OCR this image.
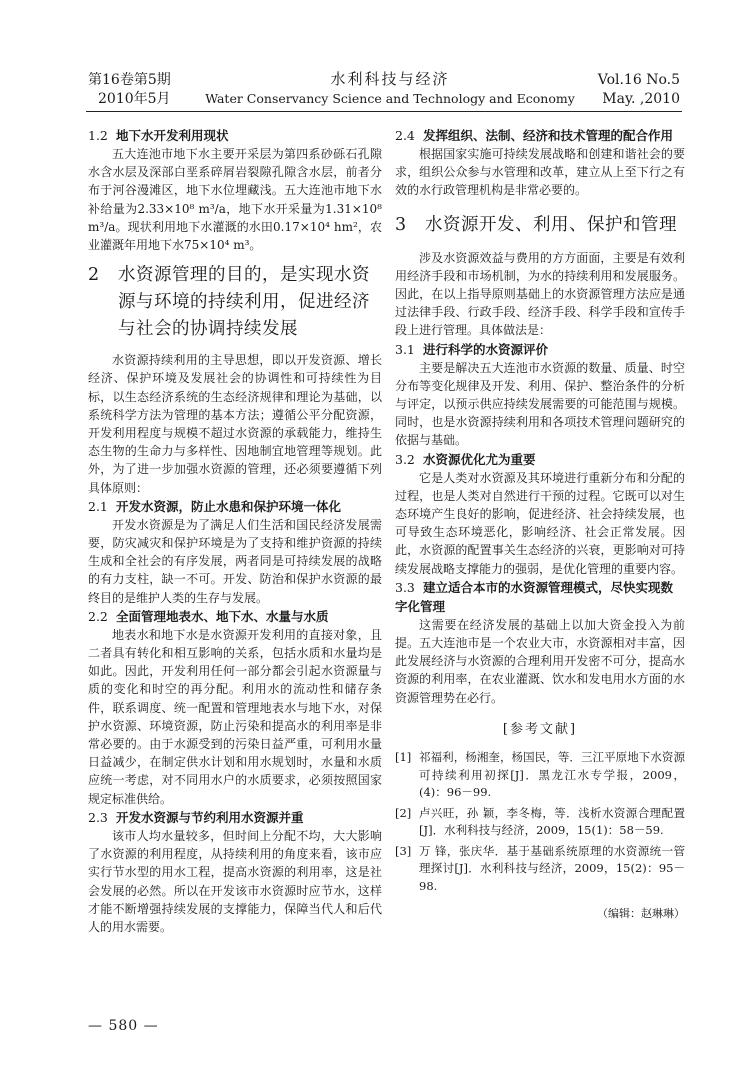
第16卷第5期
2010年5月
水利科技与经济
Water Conservancy Science and Technology and Economy
Vol.16 No.5
May. ,2010

1.2 地下水开发利用现状

五大连池市地下水主要开采层为第四系砂砾石孔隙水含水层及深部白垩系碎屑岩裂隙孔隙含水层，前者分布于河谷漫滩区，地下水位埋藏浅。五大连池市地下水补给量为2.33×10⁸ m³/a，地下水开采量为1.31×10⁸ m³/a。现状利用地下水灌溉的水田0.17×10⁴ hm²，农业灌溉年用地下水75×10⁴ m³。

2	水资源管理的目的，是实现水资源与环境的持续利用，促进经济与社会的协调持续发展

水资源持续利用的主导思想，即以开发资源、增长经济、保护环境及发展社会的协调性和可持续性为目标，以生态经济系统的生态经济规律和理论为基础，以系统科学方法为管理的基本方法；遵循公平分配资源，开发利用程度与规模不超过水资源的承载能力，维持生态生物的生命力与多样性、因地制宜地管理等规划。此外，为了进一步加强水资源的管理，还必须要遵循下列具体原则：

2.1 开发水资源，防止水患和保护环境一体化

开发水资源是为了满足人们生活和国民经济发展需要，防灾减灾和保护环境是为了支持和维护资源的持续生成和全社会的有序发展，两者同是可持续发展的战略的有力支柱，缺一不可。开发、防治和保护水资源的最终目的是维护人类的生存与发展。

2.2 全面管理地表水、地下水、水量与水质

地表水和地下水是水资源开发利用的直接对象，且二者具有转化和相互影响的关系，包括水质和水量均是如此。因此，开发利用任何一部分都会引起水资源量与质的变化和时空的再分配。利用水的流动性和储存条件，联系调度、统一配置和管理地表水与地下水，对保护水资源、环境资源，防止污染和提高水的利用率是非常必要的。由于水源受到的污染日益严重，可利用水量日益减少，在制定供水计划和用水规划时，水量和水质应统一考虑，对不同用水户的水质要求，必须按照国家规定标准供给。

2.3 开发水资源与节约利用水资源并重

该市人均水量较多，但时间上分配不均，大大影响了水资源的利用程度，从持续利用的角度来看，该市应实行节水型的用水工程，提高水资源的利用率，这是社会发展的必然。所以在开发该市水资源时应节水，这样才能不断增强持续发展的支撑能力，保障当代人和后代人的用水需要。

2.4 发挥组织、法制、经济和技术管理的配合作用

根据国家实施可持续发展战略和创建和谐社会的要求，组织公众参与水管理和改革，建立从上至下行之有效的水行政管理机构是非常必要的。

3	水资源开发、利用、保护和管理

涉及水资源效益与费用的方方面面，主要是有效利用经济手段和市场机制，为水的持续利用和发展服务。因此，在以上指导原则基础上的水资源管理方法应是通过法律手段、行政手段、经济手段、科学手段和宣传手段上进行管理。具体做法是：

3.1 进行科学的水资源评价

主要是解决五大连池市水资源的数量、质量、时空分布等变化规律及开发、利用、保护、整治条件的分析与评定，以预示供应持续发展需要的可能范围与规模。同时，也是水资源持续利用和各项技术管理问题研究的依据与基础。

3.2 水资源优化尤为重要

它是人类对水资源及其环境进行重新分布和分配的过程，也是人类对自然进行干预的过程。它既可以对生态环境产生良好的影响，促进经济、社会持续发展，也可导致生态环境恶化，影响经济、社会正常发展。因此，水资源的配置事关生态经济的兴衰，更影响对可持续发展战略支撑能力的强弱，是优化管理的重要内容。

3.3 建立适合本市的水资源管理模式，尽快实现数字化管理

这需要在经济发展的基础上以加大资金投入为前提。五大连池市是一个农业大市，水资源相对丰富，因此发展经济与水资源的合理利用开发密不可分，提高水资源的利用率，在农业灌溉、饮水和发电用水方面的水资源管理势在必行。

[参考文献]
[1] 祁福利，杨湘奎，杨国民，等．三江平原地下水资源可持续利用初探[J]．黑龙江水专学报，2009，(4)：96－99.
[2] 卢兴旺，孙 颖，李冬梅，等．浅析水资源合理配置[J]．水利科技与经济，2009，15(1)：58－59.
[3] 万 锋，张庆华．基于基础系统原理的水资源统一管理探讨[J]．水利科技与经济，2009，15(2)：95－98.
（编辑：赵琳琳）
— 580 —
